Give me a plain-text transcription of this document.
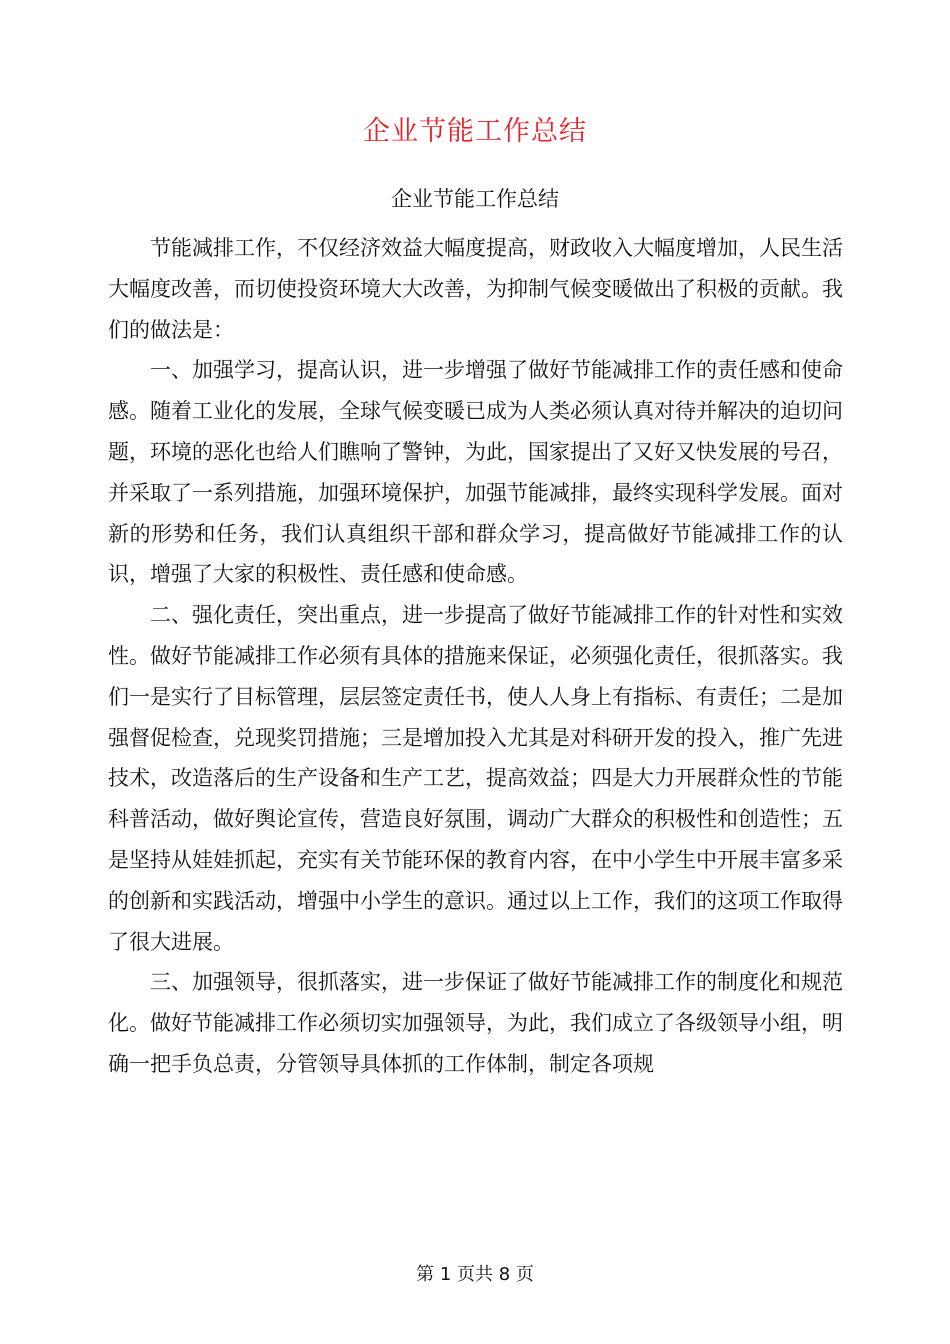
企业节能工作总结
企业节能工作总结

节能减排工作，不仅经济效益大幅度提高，财政收入大幅度增加，人民生活大幅度改善，而切使投资环境大大改善，为抑制气候变暖做出了积极的贡献。我们的做法是：

一、加强学习，提高认识，进一步增强了做好节能减排工作的责任感和使命感。随着工业化的发展，全球气候变暖已成为人类必须认真对待并解决的迫切问题，环境的恶化也给人们瞧响了警钟，为此，国家提出了又好又快发展的号召，并采取了一系列措施，加强环境保护，加强节能减排，最终实现科学发展。面对新的形势和任务，我们认真组织干部和群众学习，提高做好节能减排工作的认识，增强了大家的积极性、责任感和使命感。

二、强化责任，突出重点，进一步提高了做好节能减排工作的针对性和实效性。做好节能减排工作必须有具体的措施来保证，必须强化责任，很抓落实。我们一是实行了目标管理，层层签定责任书，使人人身上有指标、有责任；二是加强督促检查，兑现奖罚措施；三是增加投入尤其是对科研开发的投入，推广先进技术，改造落后的生产设备和生产工艺，提高效益；四是大力开展群众性的节能科普活动，做好舆论宣传，营造良好氛围，调动广大群众的积极性和创造性；五是坚持从娃娃抓起，充实有关节能环保的教育内容，在中小学生中开展丰富多采的创新和实践活动，增强中小学生的意识。通过以上工作，我们的这项工作取得了很大进展。

三、加强领导，很抓落实，进一步保证了做好节能减排工作的制度化和规范化。做好节能减排工作必须切实加强领导，为此，我们成立了各级领导小组，明确一把手负总责，分管领导具体抓的工作体制，制定各项规

第 1 页共 8 页
